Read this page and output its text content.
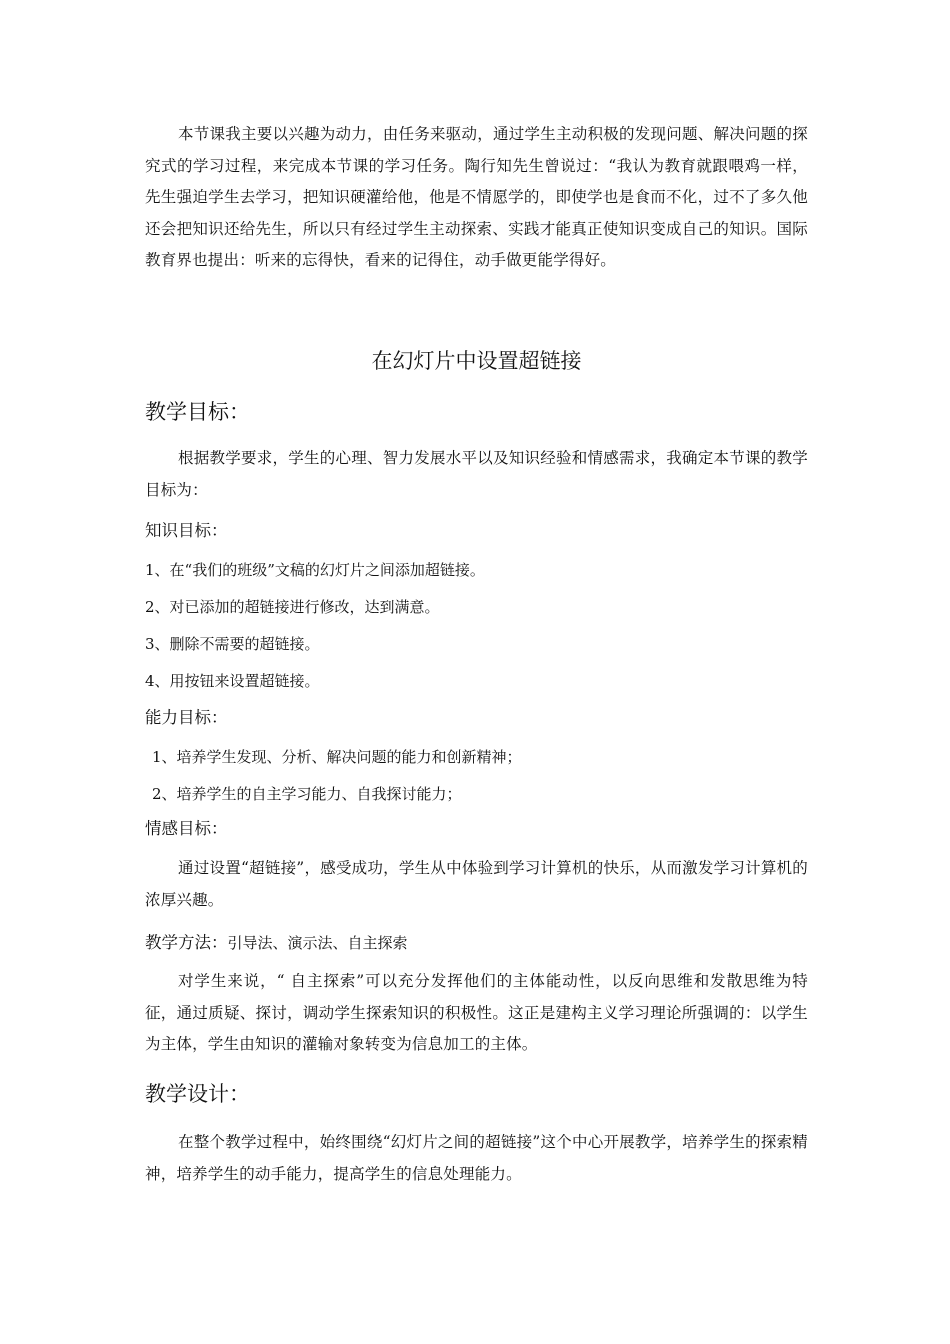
本节课我主要以兴趣为动力，由任务来驱动，通过学生主动积极的发现问题、解决问题的探究式的学习过程，来完成本节课的学习任务。陶行知先生曾说过：“我认为教育就跟喂鸡一样，先生强迫学生去学习，把知识硬灌给他，他是不情愿学的，即使学也是食而不化，过不了多久他还会把知识还给先生，所以只有经过学生主动探索、实践才能真正使知识变成自己的知识。国际教育界也提出：听来的忘得快，看来的记得住，动手做更能学得好。

在幻灯片中设置超链接
教学目标：

根据教学要求，学生的心理、智力发展水平以及知识经验和情感需求，我确定本节课的教学目标为：

知识目标：

1、在“我们的班级”文稿的幻灯片之间添加超链接。

2、对已添加的超链接进行修改，达到满意。

3、删除不需要的超链接。

4、用按钮来设置超链接。

能力目标：

1、培养学生发现、分析、解决问题的能力和创新精神；

2、培养学生的自主学习能力、自我探讨能力；

情感目标：

通过设置“超链接”，感受成功，学生从中体验到学习计算机的快乐，从而激发学习计算机的浓厚兴趣。

教学方法：引导法、演示法、自主探索

对学生来说，“ 自主探索”可以充分发挥他们的主体能动性，以反向思维和发散思维为特征，通过质疑、探讨，调动学生探索知识的积极性。这正是建构主义学习理论所强调的：以学生为主体，学生由知识的灌输对象转变为信息加工的主体。

教学设计：

在整个教学过程中，始终围绕“幻灯片之间的超链接”这个中心开展教学，培养学生的探索精神，培养学生的动手能力，提高学生的信息处理能力。
